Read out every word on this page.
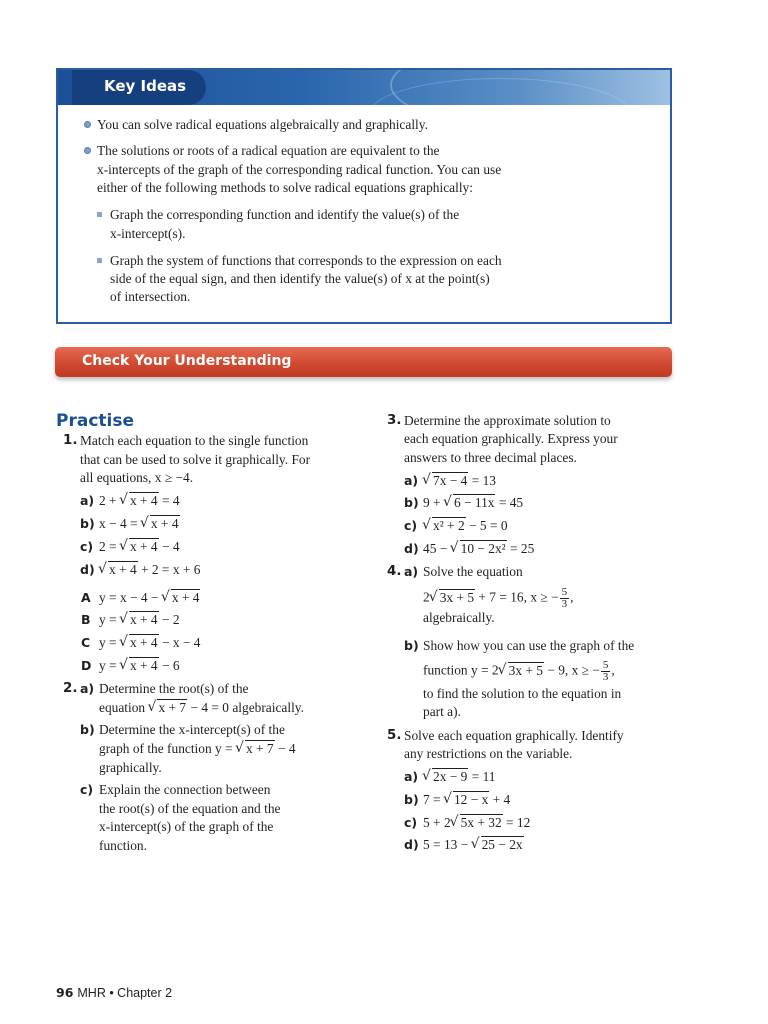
Key Ideas
You can solve radical equations algebraically and graphically.
The solutions or roots of a radical equation are equivalent to the
x-intercepts of the graph of the corresponding radical function. You can use
either of the following methods to solve radical equations graphically:
Graph the corresponding function and identify the value(s) of the
x-intercept(s).
Graph the system of functions that corresponds to the expression on each
side of the equal sign, and then identify the value(s) of x at the point(s)
of intersection.
Check Your Understanding
Practise
1. Match each equation to the single function
that can be used to solve it graphically. For
all equations, x ≥ −4.
a) 2 + √ x + 4 = 4
b) x − 4 = √ x + 4
c) 2 = √ x + 4 − 4
d)	√ x + 4 + 2 = x + 6
A y = x − 4 − √ x + 4
B y = √ x + 4 − 2
C y = √ x + 4 − x − 4
D y = √ x + 4 − 6
2. a) Determine the root(s) of the
equation √ x + 7 − 4 = 0 algebraically.
b) Determine the x-intercept(s) of the
graph of the function y = √ x + 7 − 4
graphically.
c) Explain the connection between
the root(s) of the equation and the
x-intercept(s) of the graph of the
function.
3. Determine the approximate solution to
each equation graphically. Express your
answers to three decimal places.
a)	√ 7x − 4 = 13
b) 9 + √ 6 − 11x = 45
c)	√ x² + 2 − 5 = 0
d) 45 − √ 10 − 2x² = 25
4. a) Solve the equation
2 √ 3x + 5 + 7 = 16, x ≥ − $\frac{5}{3}$ ,
algebraically.
b) Show how you can use the graph of the
function y = 2 √ 3x + 5 − 9, x ≥ − $\frac{5}{3}$ ,
to find the solution to the equation in
part a).
5. Solve each equation graphically. Identify
any restrictions on the variable.
a)	√ 2x − 9 = 11
b) 7 = √ 12 − x + 4
c) 5 + 2 √ 5x + 32 = 12
d) 5 = 13 − √ 25 − 2x
96 MHR • Chapter 2
